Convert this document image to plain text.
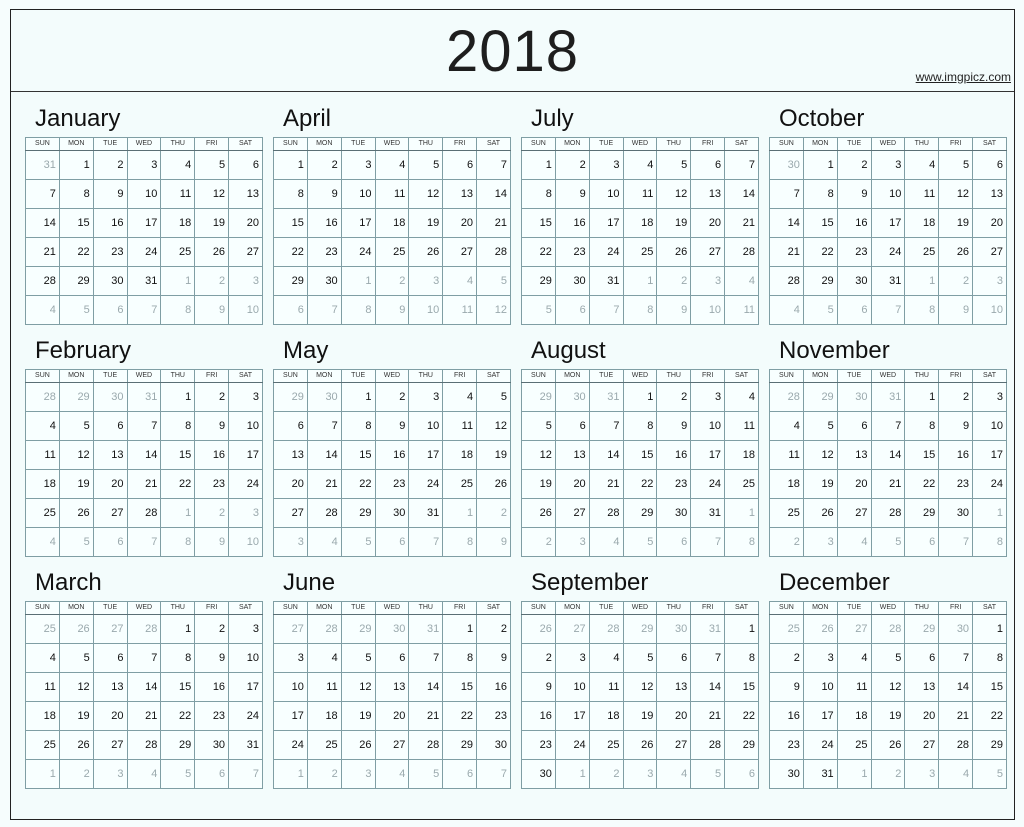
2018	www.imgpicz.com
January
SUN	MON	TUE	WED	THU	FRI	SAT
31	1	2	3	4	5	6
7	8	9	10	11	12	13
14	15	16	17	18	19	20
21	22	23	24	25	26	27
28	29	30	31	1	2	3
4	5	6	7	8	9	10
February
SUN	MON	TUE	WED	THU	FRI	SAT
28	29	30	31	1	2	3
4	5	6	7	8	9	10
11	12	13	14	15	16	17
18	19	20	21	22	23	24
25	26	27	28	1	2	3
4	5	6	7	8	9	10
March
SUN	MON	TUE	WED	THU	FRI	SAT
25	26	27	28	1	2	3
4	5	6	7	8	9	10
11	12	13	14	15	16	17
18	19	20	21	22	23	24
25	26	27	28	29	30	31
1	2	3	4	5	6	7
April
SUN	MON	TUE	WED	THU	FRI	SAT
1	2	3	4	5	6	7
8	9	10	11	12	13	14
15	16	17	18	19	20	21
22	23	24	25	26	27	28
29	30	1	2	3	4	5
6	7	8	9	10	11	12
May
SUN	MON	TUE	WED	THU	FRI	SAT
29	30	1	2	3	4	5
6	7	8	9	10	11	12
13	14	15	16	17	18	19
20	21	22	23	24	25	26
27	28	29	30	31	1	2
3	4	5	6	7	8	9
June
SUN	MON	TUE	WED	THU	FRI	SAT
27	28	29	30	31	1	2
3	4	5	6	7	8	9
10	11	12	13	14	15	16
17	18	19	20	21	22	23
24	25	26	27	28	29	30
1	2	3	4	5	6	7
July
SUN	MON	TUE	WED	THU	FRI	SAT
1	2	3	4	5	6	7
8	9	10	11	12	13	14
15	16	17	18	19	20	21
22	23	24	25	26	27	28
29	30	31	1	2	3	4
5	6	7	8	9	10	11
August
SUN	MON	TUE	WED	THU	FRI	SAT
29	30	31	1	2	3	4
5	6	7	8	9	10	11
12	13	14	15	16	17	18
19	20	21	22	23	24	25
26	27	28	29	30	31	1
2	3	4	5	6	7	8
September
SUN	MON	TUE	WED	THU	FRI	SAT
26	27	28	29	30	31	1
2	3	4	5	6	7	8
9	10	11	12	13	14	15
16	17	18	19	20	21	22
23	24	25	26	27	28	29
30	1	2	3	4	5	6
October
SUN	MON	TUE	WED	THU	FRI	SAT
30	1	2	3	4	5	6
7	8	9	10	11	12	13
14	15	16	17	18	19	20
21	22	23	24	25	26	27
28	29	30	31	1	2	3
4	5	6	7	8	9	10
November
SUN	MON	TUE	WED	THU	FRI	SAT
28	29	30	31	1	2	3
4	5	6	7	8	9	10
11	12	13	14	15	16	17
18	19	20	21	22	23	24
25	26	27	28	29	30	1
2	3	4	5	6	7	8
December
SUN	MON	TUE	WED	THU	FRI	SAT
25	26	27	28	29	30	1
2	3	4	5	6	7	8
9	10	11	12	13	14	15
16	17	18	19	20	21	22
23	24	25	26	27	28	29
30	31	1	2	3	4	5
